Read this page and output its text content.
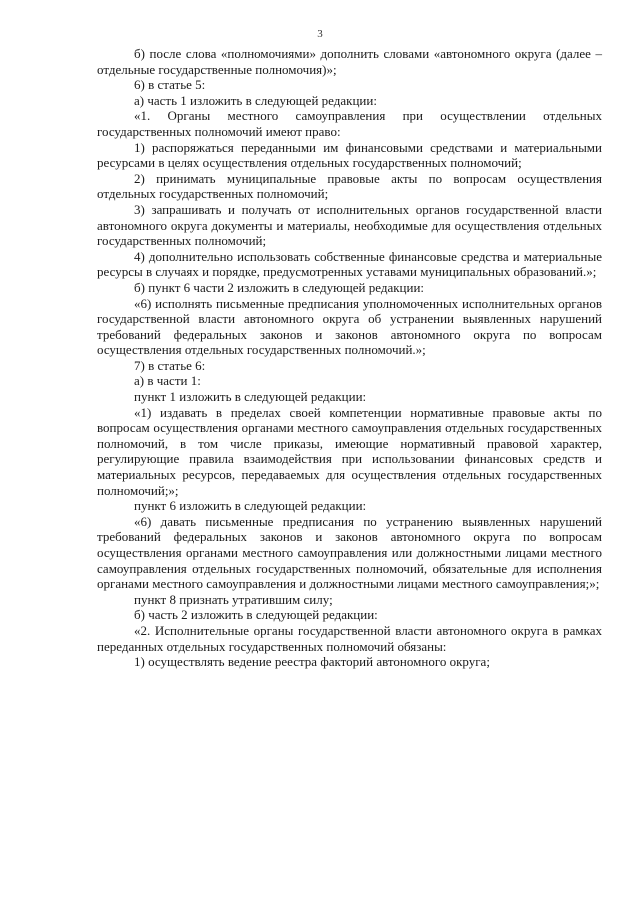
3

б) после слова «полномочиями» дополнить словами «автономного округа (далее – отдельные государственные полномочия)»;

6) в статье 5:

а) часть 1 изложить в следующей редакции:

«1. Органы местного самоуправления при осуществлении отдельных государственных полномочий имеют право:

1) распоряжаться переданными им финансовыми средствами и материальными ресурсами в целях осуществления отдельных государственных полномочий;

2) принимать муниципальные правовые акты по вопросам осуществления отдельных государственных полномочий;

3) запрашивать и получать от исполнительных органов государственной власти автономного округа документы и материалы, необходимые для осуществления отдельных государственных полномочий;

4) дополнительно использовать собственные финансовые средства и материальные ресурсы в случаях и порядке, предусмотренных уставами муниципальных образований.»;

б) пункт 6 части 2 изложить в следующей редакции:

«6) исполнять письменные предписания уполномоченных исполнительных органов государственной власти автономного округа об устранении выявленных нарушений требований федеральных законов и законов автономного округа по вопросам осуществления отдельных государственных полномочий.»;

7) в статье 6:

а) в части 1:

пункт 1 изложить в следующей редакции:

«1) издавать в пределах своей компетенции нормативные правовые акты по вопросам осуществления органами местного самоуправления отдельных государственных полномочий, в том числе приказы, имеющие нормативный правовой характер, регулирующие правила взаимодействия при использовании финансовых средств и материальных ресурсов, передаваемых для осуществления отдельных государственных полномочий;»;

пункт 6 изложить в следующей редакции:

«6) давать письменные предписания по устранению выявленных нарушений требований федеральных законов и законов автономного округа по вопросам осуществления органами местного самоуправления или должностными лицами местного самоуправления отдельных государственных полномочий, обязательные для исполнения органами местного самоуправления и должностными лицами местного самоуправления;»;

пункт 8 признать утратившим силу;

б) часть 2 изложить в следующей редакции:

«2. Исполнительные органы государственной власти автономного округа в рамках переданных отдельных государственных полномочий обязаны:

1) осуществлять ведение реестра факторий автономного округа;
